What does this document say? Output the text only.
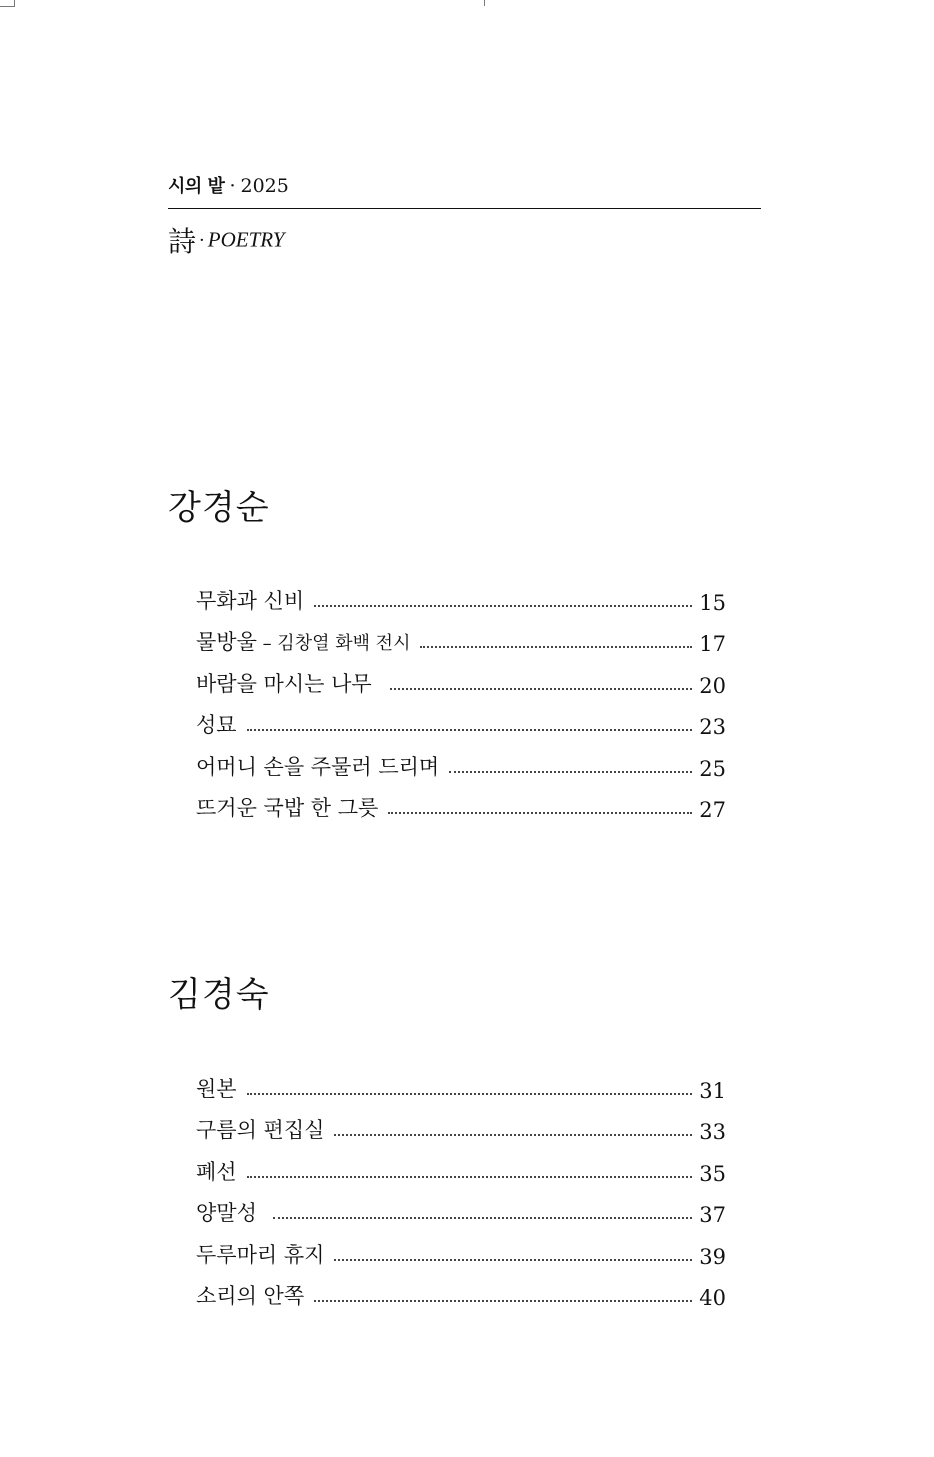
시의 밭 · 2025
詩 · POETRY
강경순
무화과 신비	15
물방울 – 김창열 화백 전시	17
바람을 마시는 나무	20
성묘	23
어머니 손을 주물러 드리며	25
뜨거운 국밥 한 그릇	27
김경숙
원본	31
구름의 편집실	33
폐선	35
양말성	37
두루마리 휴지	39
소리의 안쪽	40
